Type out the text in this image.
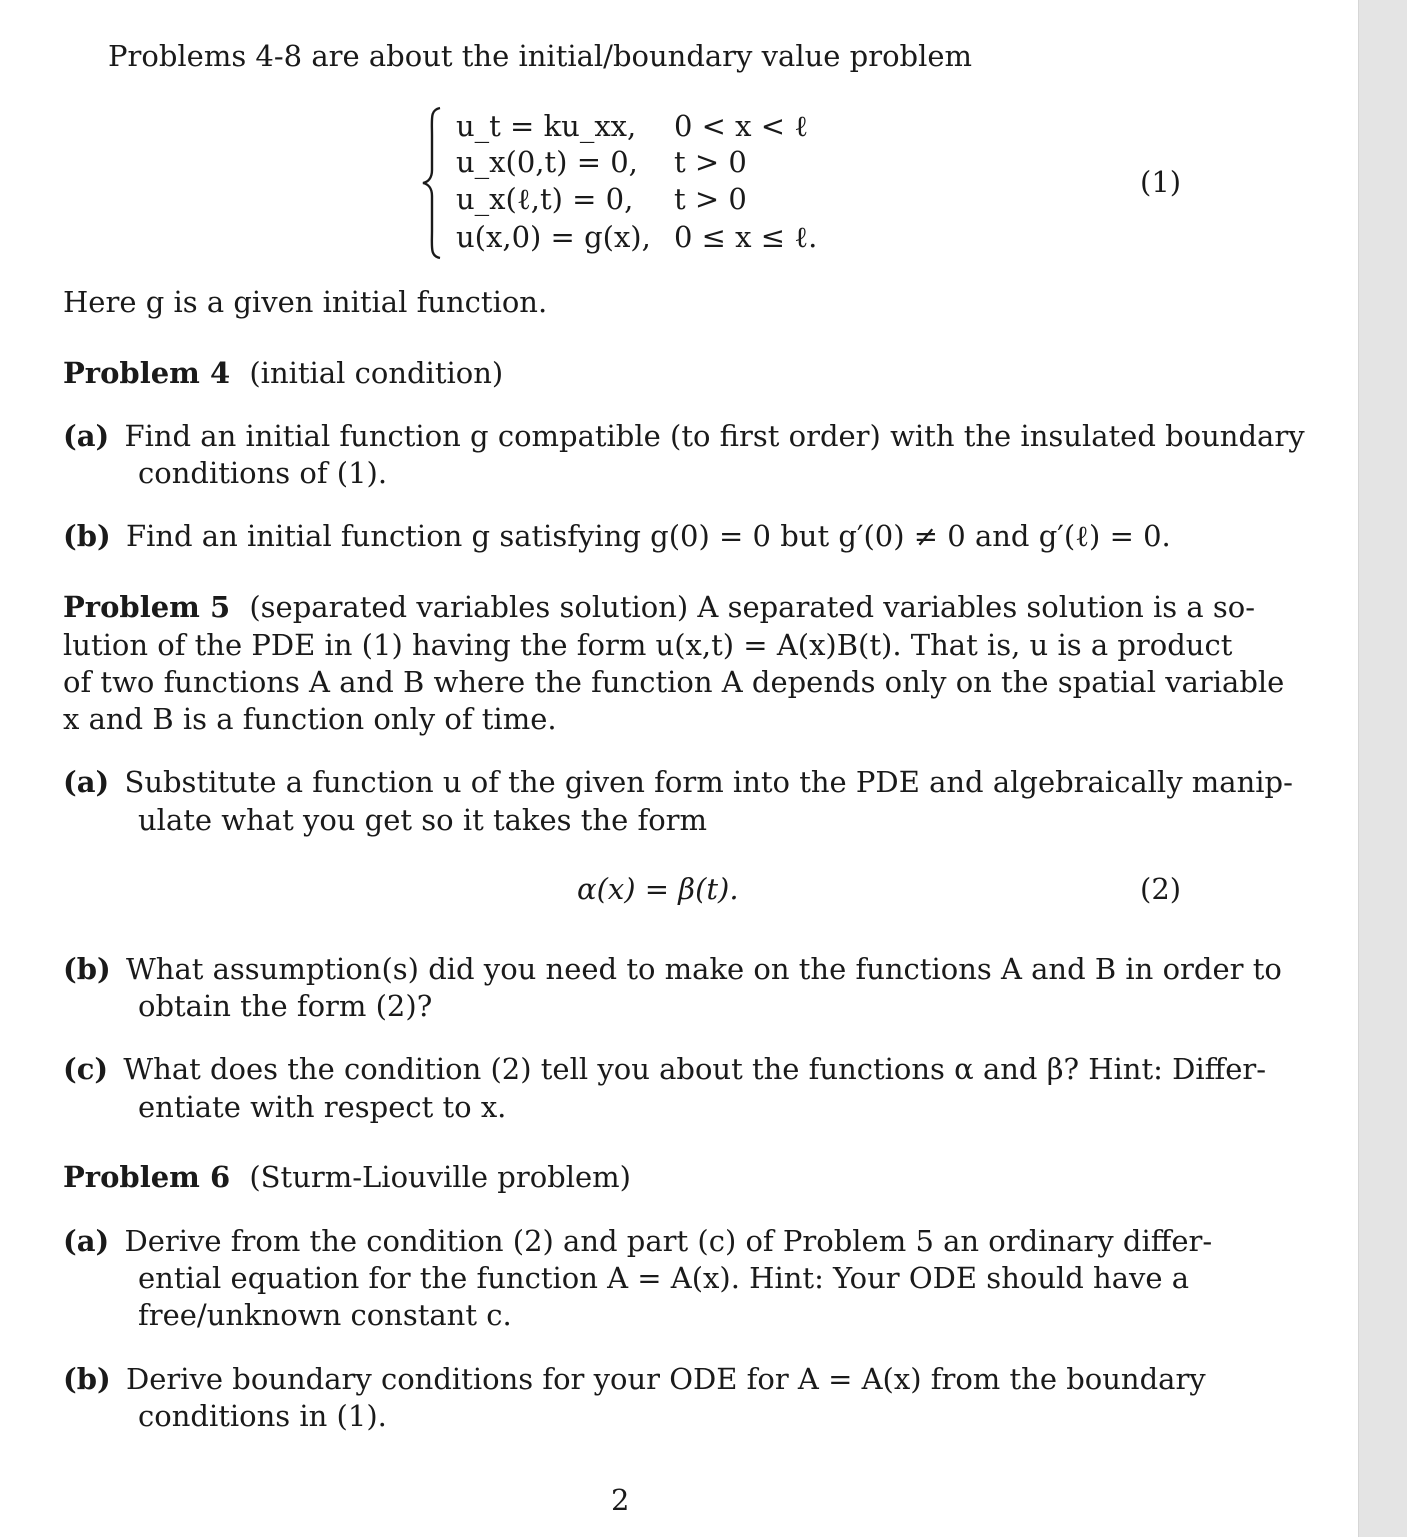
Problems 4-8 are about the initial/boundary value problem
u_t = ku_xx, 0 < x < ℓ
u_x(0,t) = 0, t > 0
u_x(ℓ,t) = 0, t > 0
u(x,0) = g(x), 0 ≤ x ≤ ℓ.
(1)
Here g is a given initial function.
Problem 4 (initial condition)
(a) Find an initial function g compatible (to first order) with the insulated boundary
conditions of (1).
(b) Find an initial function g satisfying g(0) = 0 but g′(0) ≠ 0 and g′(ℓ) = 0.
Problem 5 (separated variables solution) A separated variables solution is a so-
lution of the PDE in (1) having the form u(x,t) = A(x)B(t). That is, u is a product
of two functions A and B where the function A depends only on the spatial variable
x and B is a function only of time.
(a) Substitute a function u of the given form into the PDE and algebraically manip-
ulate what you get so it takes the form
α(x) = β(t).	(2)
(b) What assumption(s) did you need to make on the functions A and B in order to
obtain the form (2)?
(c) What does the condition (2) tell you about the functions α and β? Hint: Differ-
entiate with respect to x.
Problem 6 (Sturm-Liouville problem)
(a) Derive from the condition (2) and part (c) of Problem 5 an ordinary differ-
ential equation for the function A = A(x). Hint: Your ODE should have a
free/unknown constant c.
(b) Derive boundary conditions for your ODE for A = A(x) from the boundary
conditions in (1).
2
